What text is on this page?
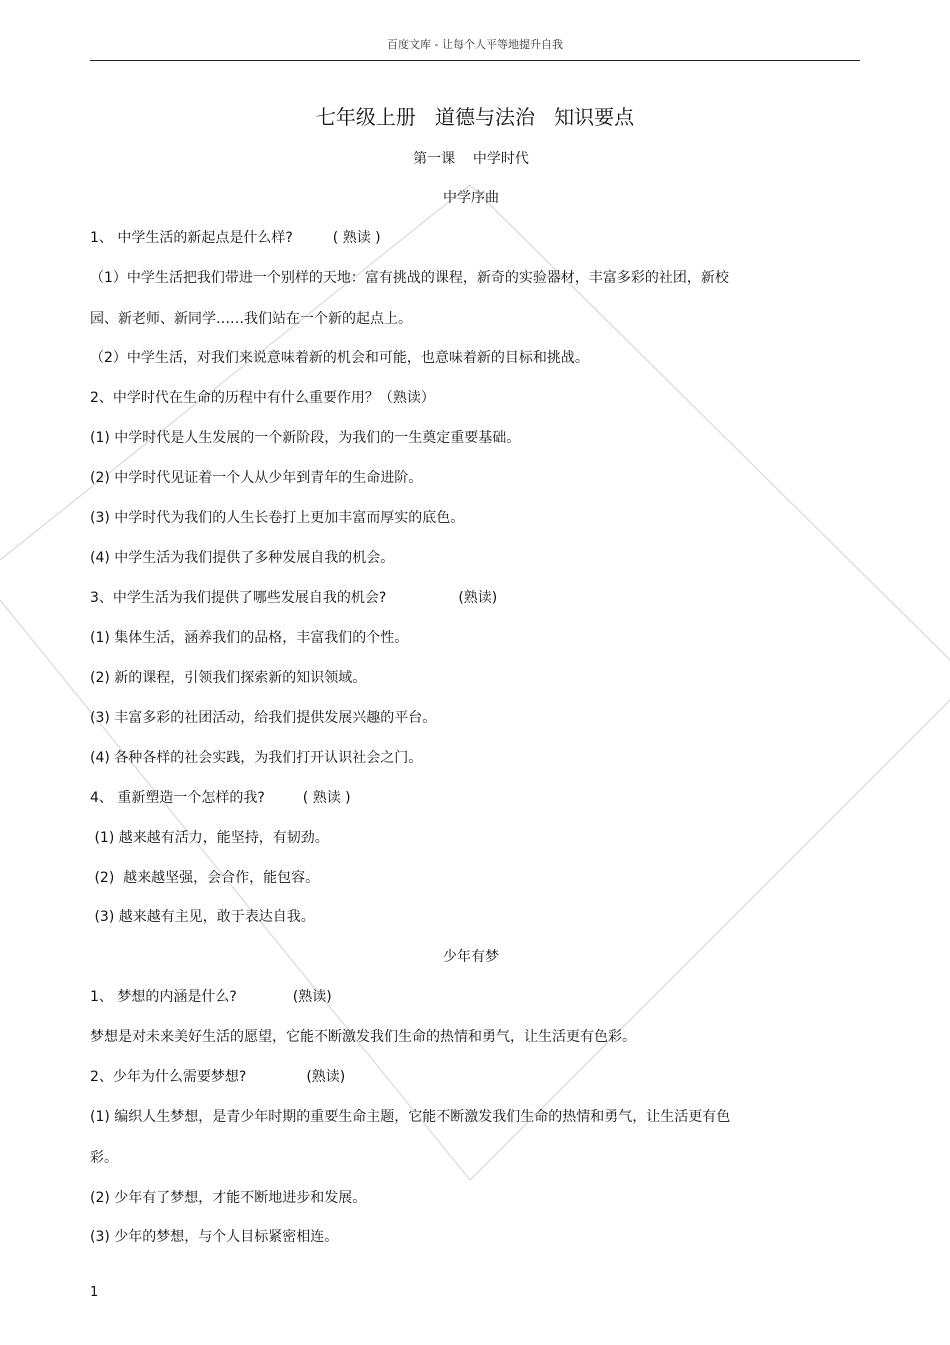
百度文库 - 让每个人平等地提升自我
七年级上册   道德与法治   知识要点
第一课    中学时代
中学序曲
1、 中学生活的新起点是什么样?	( 熟读 )
（1）中学生活把我们带进一个别样的天地：富有挑战的课程，新奇的实验器材，丰富多彩的社团，新校
园、新老师、新同学……我们站在一个新的起点上。
（2）中学生活，对我们来说意味着新的机会和可能，也意味着新的目标和挑战。
2、中学时代在生命的历程中有什么重要作用？（熟读）
(1) 中学时代是人生发展的一个新阶段，为我们的一生奠定重要基础。
(2) 中学时代见证着一个人从少年到青年的生命进阶。
(3) 中学时代为我们的人生长卷打上更加丰富而厚实的底色。
(4) 中学生活为我们提供了多种发展自我的机会。
3、中学生活为我们提供了哪些发展自我的机会?	(熟读)
(1) 集体生活，涵养我们的品格，丰富我们的个性。
(2) 新的课程，引领我们探索新的知识领域。
(3) 丰富多彩的社团活动，给我们提供发展兴趣的平台。
(4) 各种各样的社会实践，为我们打开认识社会之门。
4、 重新塑造一个怎样的我?	( 熟读 )
(1) 越来越有活力，能坚持，有韧劲。
(2)  越来越坚强，会合作，能包容。
(3) 越来越有主见，敢于表达自我。
少年有梦
1、 梦想的内涵是什么?	(熟读)
梦想是对未来美好生活的愿望，它能不断激发我们生命的热情和勇气，让生活更有色彩。
2、少年为什么需要梦想?	(熟读)
(1) 编织人生梦想，是青少年时期的重要生命主题，它能不断激发我们生命的热情和勇气，让生活更有色
彩。
(2) 少年有了梦想，才能不断地进步和发展。
(3) 少年的梦想，与个人目标紧密相连。
1
